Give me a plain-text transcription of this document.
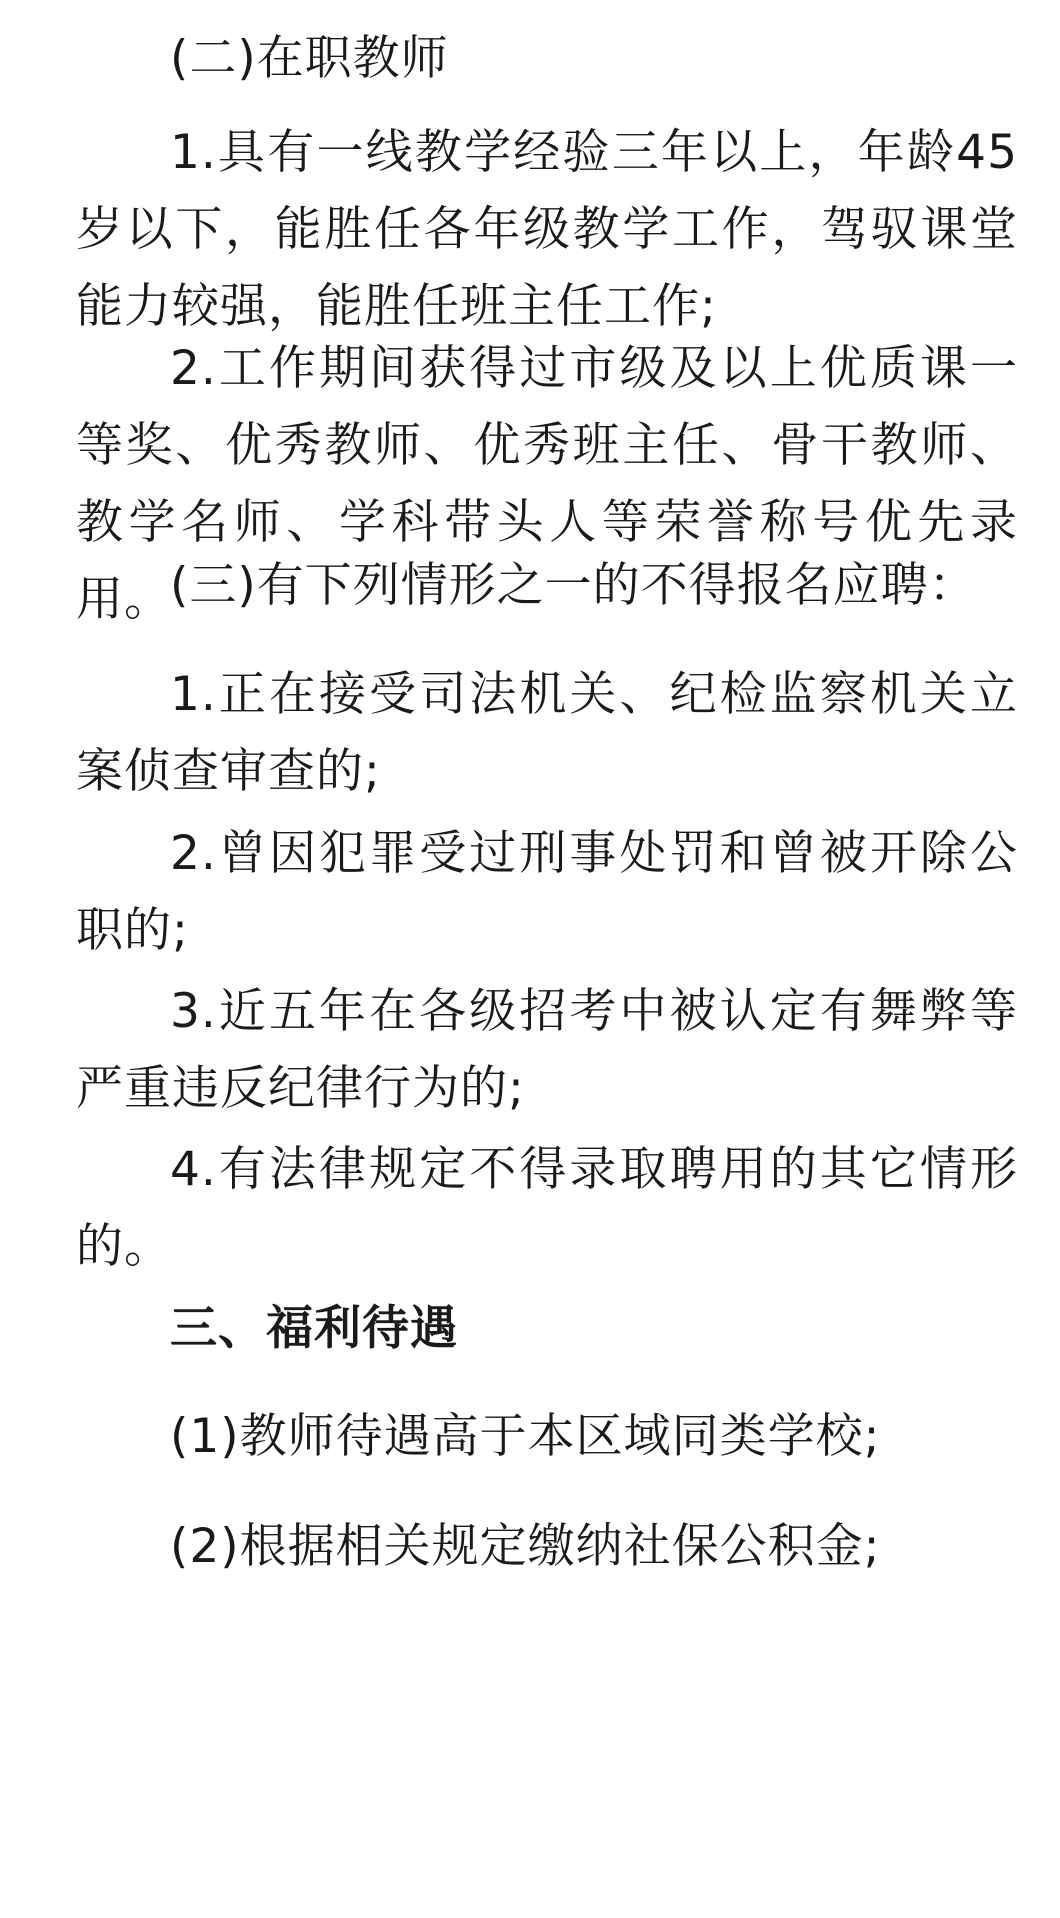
(二)在职教师

1.具有一线教学经验三年以上，年龄45岁以下，能胜任各年级教学工作，驾驭课堂能力较强，能胜任班主任工作;

2.工作期间获得过市级及以上优质课一等奖、优秀教师、优秀班主任、骨干教师、教学名师、学科带头人等荣誉称号优先录用。

(三)有下列情形之一的不得报名应聘：

1.正在接受司法机关、纪检监察机关立案侦查审查的;

2.曾因犯罪受过刑事处罚和曾被开除公职的;

3.近五年在各级招考中被认定有舞弊等严重违反纪律行为的;

4.有法律规定不得录取聘用的其它情形的。

三、福利待遇

(1)教师待遇高于本区域同类学校;

(2)根据相关规定缴纳社保公积金;
